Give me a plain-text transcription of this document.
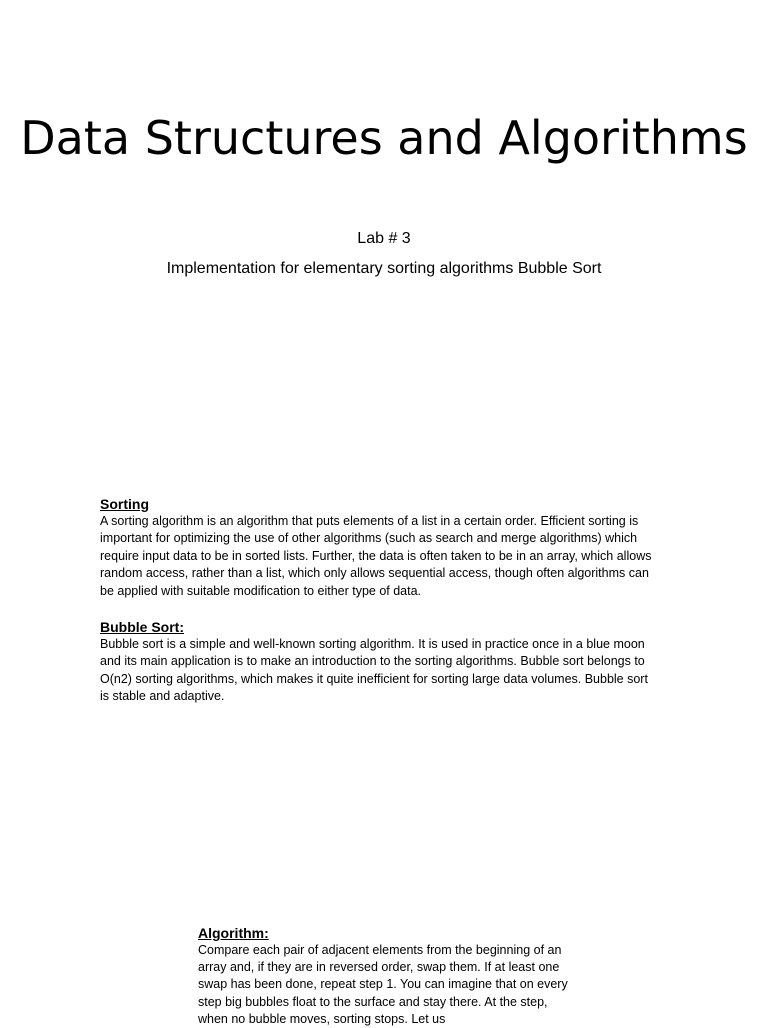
Data Structures and Algorithms
Lab # 3
Implementation for elementary sorting algorithms Bubble Sort
Sorting

A sorting algorithm is an algorithm that puts elements of a list in a certain order. Efficient sorting is important for optimizing the use of other algorithms (such as search and merge algorithms) which require input data to be in sorted lists. Further, the data is often taken to be in an array, which allows random access, rather than a list, which only allows sequential access, though often algorithms can be applied with suitable modification to either type of data.

Bubble Sort:

Bubble sort is a simple and well-known sorting algorithm. It is used in practice once in a blue moon and its main application is to make an introduction to the sorting algorithms. Bubble sort belongs to O(n2) sorting algorithms, which makes it quite inefficient for sorting large data volumes. Bubble sort is stable and adaptive.

Algorithm:

Compare each pair of adjacent elements from the beginning of an array and, if they are in reversed order, swap them. If at least one swap has been done, repeat step 1. You can imagine that on every step big bubbles float to the surface and stay there. At the step, when no bubble moves, sorting stops. Let us
